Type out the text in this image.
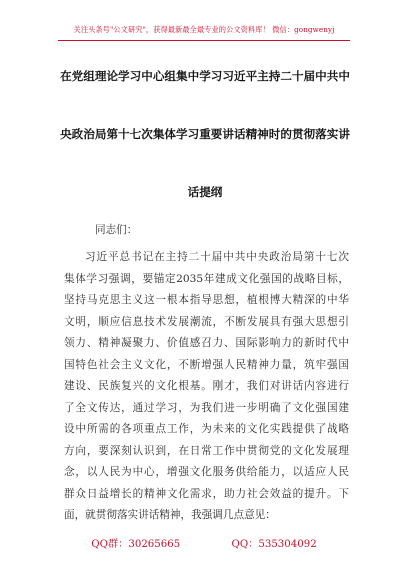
关注头条号"公文研究"，获得最新最全最专业的公文资料库！ 微信：gongwenyj
在党组理论学习中心组集中学习习近平主持二十届中共中
央政治局第十七次集体学习重要讲话精神时的贯彻落实讲
话提纲
同志们：
习近平总书记在主持二十届中共中央政治局第十七次
集体学习强调，要锚定2035年建成文化强国的战略目标，
坚持马克思主义这一根本指导思想，植根博大精深的中华
文明，顺应信息技术发展潮流，不断发展具有强大思想引
领力、精神凝聚力、价值感召力、国际影响力的新时代中
国特色社会主义文化，不断增强人民精神力量，筑牢强国
建设、民族复兴的文化根基。刚才，我们对讲话内容进行
了全文传达，通过学习，为我们进一步明确了文化强国建
设中所需的各项重点工作，为未来的文化实践提供了战略
方向，要深刻认识到，在日常工作中贯彻党的文化发展理
念，以人民为中心，增强文化服务供给能力，以适应人民
群众日益增长的精神文化需求，助力社会效益的提升。下
面，就贯彻落实讲话精神，我强调几点意见：
QQ群：30265665	QQ：535304092
